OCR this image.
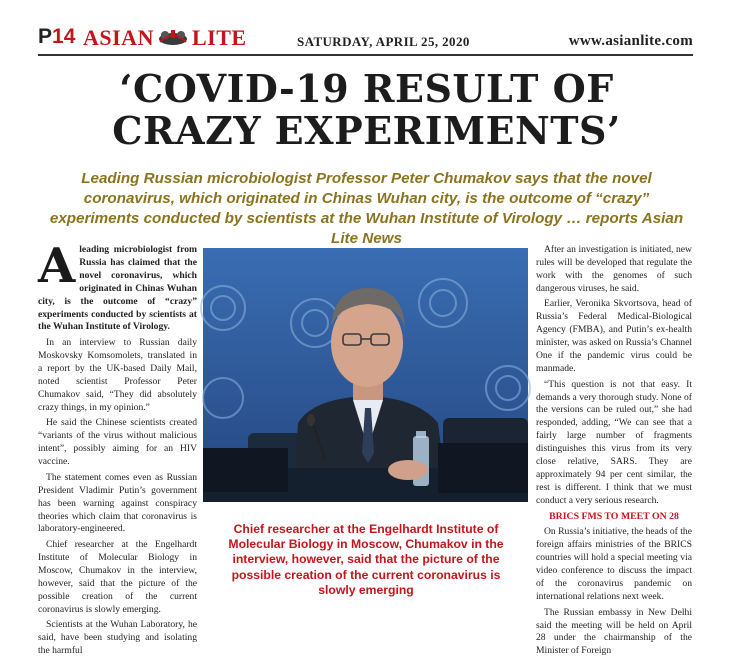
P14 ASIAN LITE	SATURDAY, APRIL 25, 2020	www.asianlite.com
‘COVID-19 RESULT OF
CRAZY EXPERIMENTS’
Leading Russian microbiologist Professor Peter Chumakov says that the novel coronavirus, which originated in Chinas Wuhan city, is the outcome of “crazy” experiments conducted by scientists at the Wuhan Institute of Virology … reports Asian Lite News

Aleading microbiologist from Russia has claimed that the novel coronavirus, which originated in Chinas Wuhan city, is the outcome of “crazy” experiments conducted by scientists at the Wuhan Institute of Virology.

In an interview to Russian daily Moskovsky Komsomolets, translated in a report by the UK-based Daily Mail, noted scientist Professor Peter Chumakov said, “They did absolutely crazy things, in my opinion.”

He said the Chinese scientists created “variants of the virus without malicious intent”, possibly aiming for an HIV vaccine.

The statement comes even as Russian President Vladimir Putin’s government has been warning against conspiracy theories which claim that coronavirus is laboratory-engineered.

Chief researcher at the Engelhardt Institute of Molecular Biology in Moscow, Chumakov in the interview, however, said that the picture of the possible creation of the current coronavirus is slowly emerging.

Scientists at the Wuhan Laboratory, he said, have been studying and isolating the harmful

Chief researcher at the Engelhardt Institute of Molecular Biology in Moscow, Chumakov in the interview, however, said that the picture of the possible creation of the current coronavirus is slowly emerging

After an investigation is initiated, new rules will be developed that regulate the work with the genomes of such dangerous viruses, he said.

Earlier, Veronika Skvortsova, head of Russia’s Federal Medical-Biological Agency (FMBA), and Putin’s ex-health minister, was asked on Russia’s Channel One if the pandemic virus could be manmade.

“This question is not that easy. It demands a very thorough study. None of the versions can be ruled out,” she had responded, adding, “We can see that a fairly large number of fragments distinguishes this virus from its very close relative, SARS. They are approximately 94 per cent similar, the rest is different. I think that we must conduct a very serious research.

BRICS FMS TO MEET ON 28

On Russia’s initiative, the heads of the foreign affairs ministries of the BRICS countries will hold a special meeting via video conference to discuss the impact of the coronavirus pandemic on international relations next week.

The Russian embassy in New Delhi said the meeting will be held on April 28 under the chairmanship of the Minister of Foreign
